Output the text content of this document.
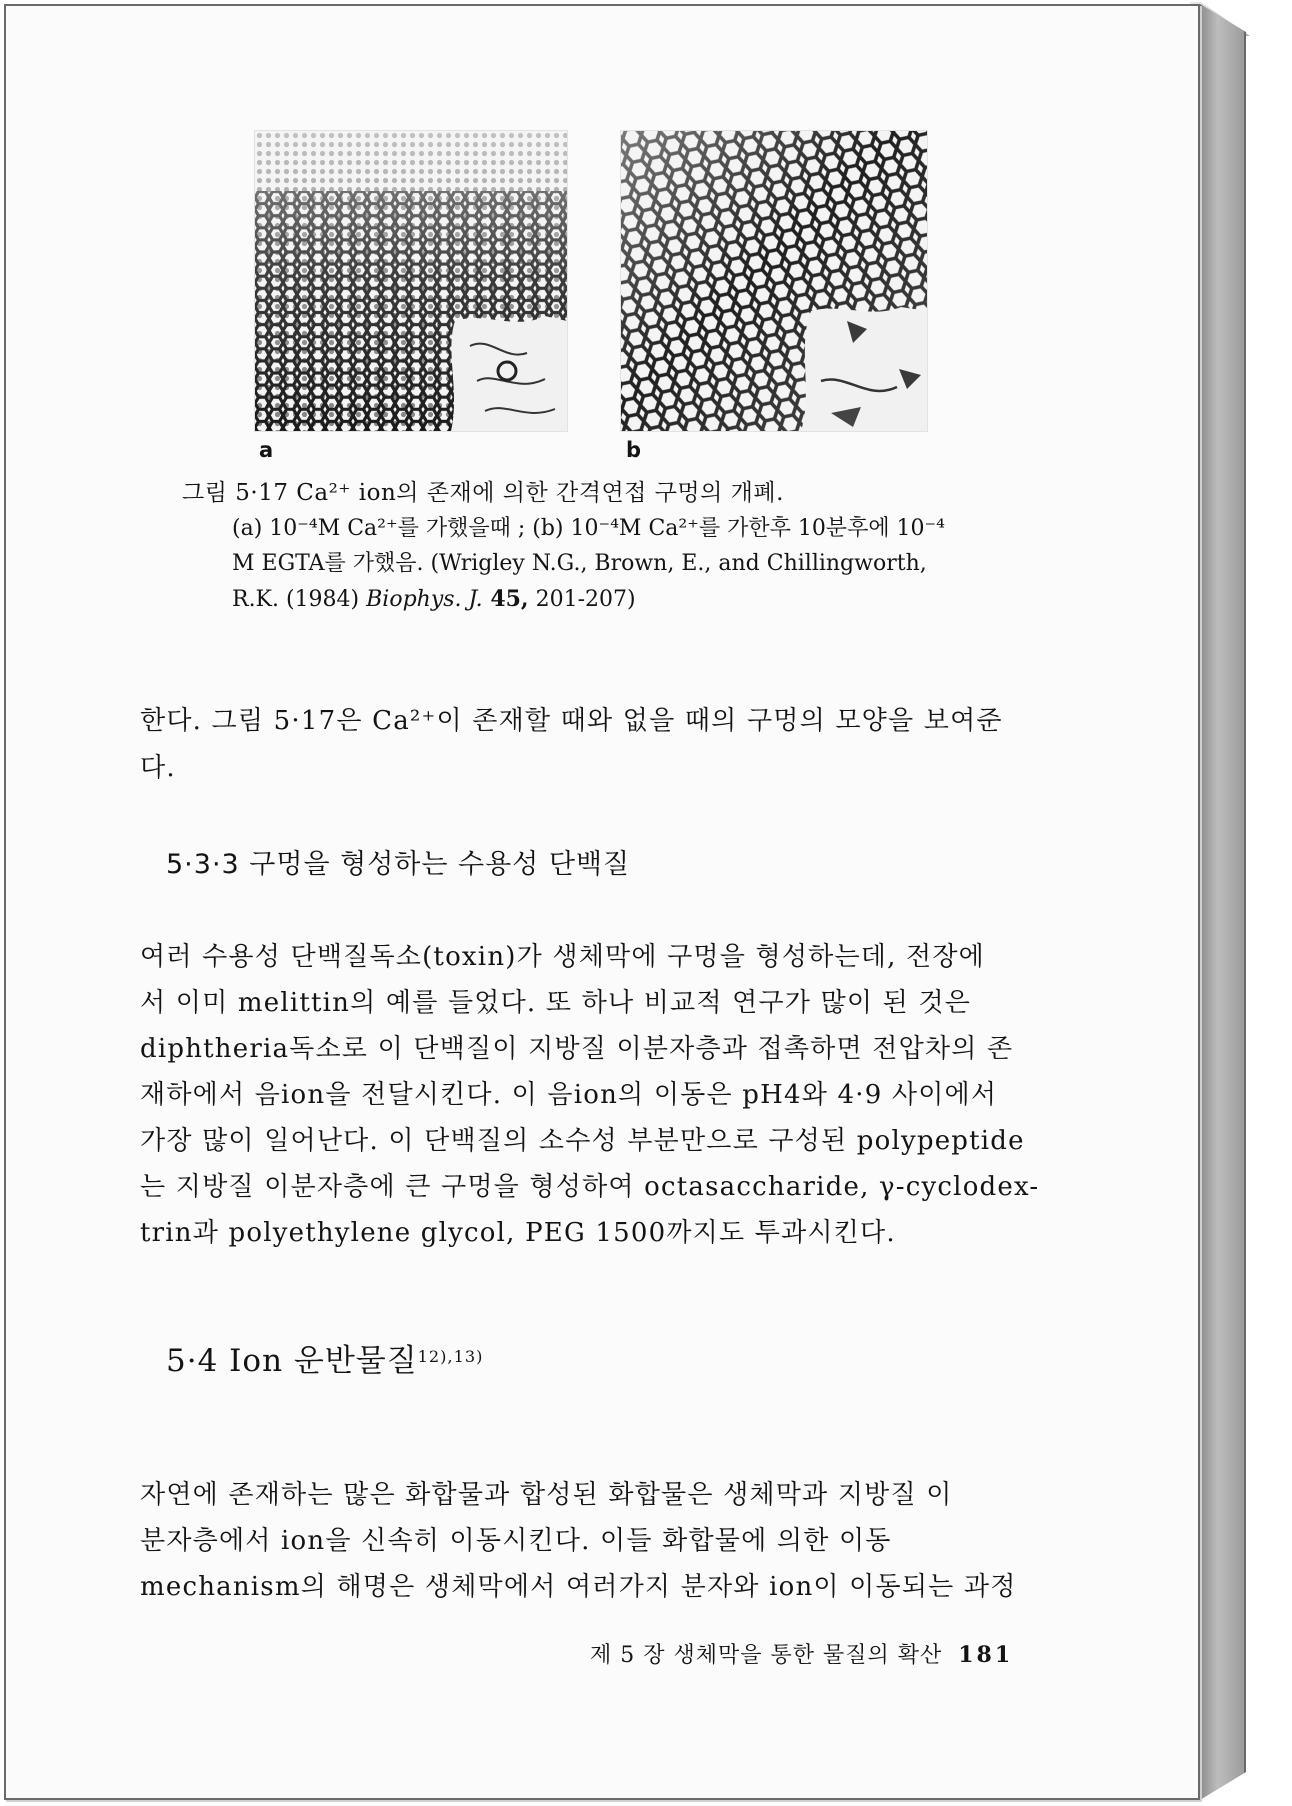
a	b
그림 5·17 Ca²⁺ ion의 존재에 의한 간격연접 구멍의 개폐.
(a) 10⁻⁴M Ca²⁺를 가했을때 ; (b) 10⁻⁴M Ca²⁺를 가한후 10분후에 10⁻⁴
M EGTA를 가했음. (Wrigley N.G., Brown, E., and Chillingworth,
R.K. (1984) Biophys. J. 45, 201-207)
한다. 그림 5·17은 Ca²⁺이 존재할 때와 없을 때의 구멍의 모양을 보여준
다.
5·3·3 구멍을 형성하는 수용성 단백질
여러 수용성 단백질독소(toxin)가 생체막에 구멍을 형성하는데, 전장에
서 이미 melittin의 예를 들었다. 또 하나 비교적 연구가 많이 된 것은
diphtheria독소로 이 단백질이 지방질 이분자층과 접촉하면 전압차의 존
재하에서 음ion을 전달시킨다. 이 음ion의 이동은 pH4와 4·9 사이에서
가장 많이 일어난다. 이 단백질의 소수성 부분만으로 구성된 polypeptide
는 지방질 이분자층에 큰 구멍을 형성하여 octasaccharide, γ-cyclodex-
trin과 polyethylene glycol, PEG 1500까지도 투과시킨다.
5·4 Ion 운반물질$^{12),13)}$
자연에 존재하는 많은 화합물과 합성된 화합물은 생체막과 지방질 이
분자층에서 ion을 신속히 이동시킨다. 이들 화합물에 의한 이동
mechanism의 해명은 생체막에서 여러가지 분자와 ion이 이동되는 과정
제 5 장 생체막을 통한 물질의 확산 181
